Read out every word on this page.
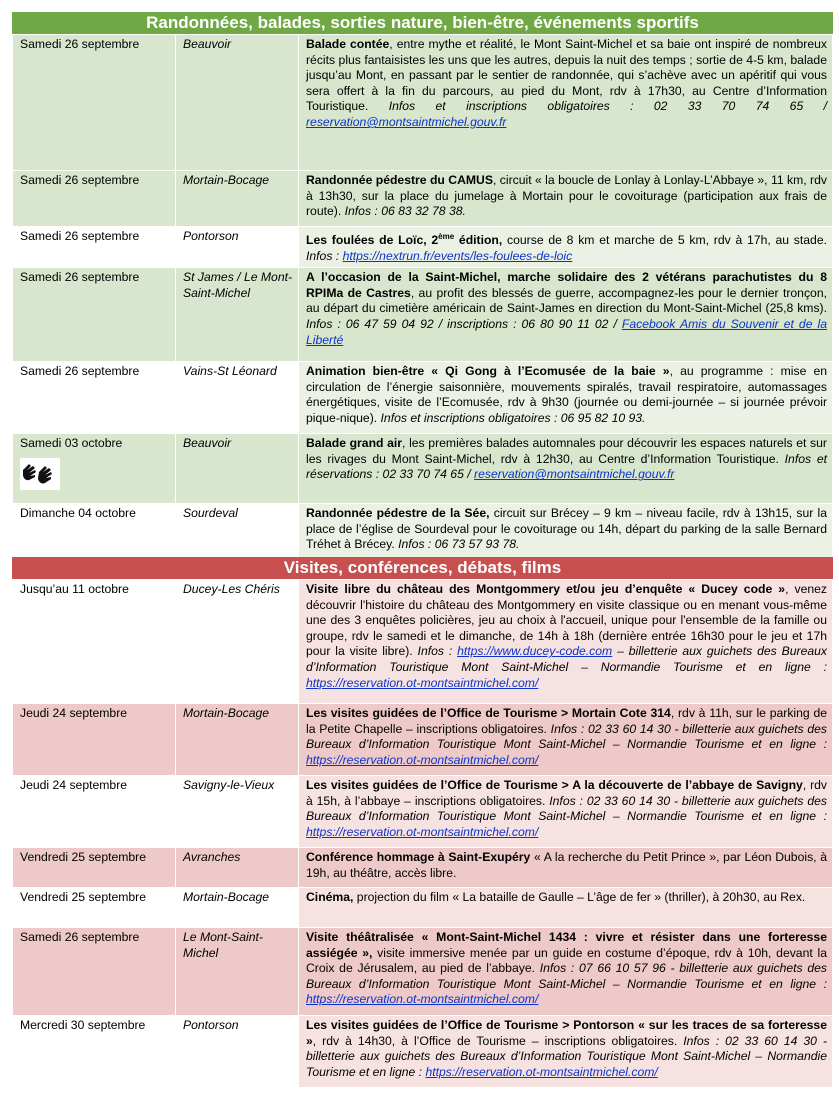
Randonnées, balades, sorties nature, bien-être, événements sportifs
Samedi 26 septembre	Beauvoir	Balade contée, entre mythe et réalité, le Mont Saint-Michel et sa baie ont inspiré de nombreux récits plus fantaisistes les uns que les autres, depuis la nuit des temps ; sortie de 4-5 km, balade jusqu’au Mont, en passant par le sentier de randonnée, qui s’achève avec un apéritif qui vous sera offert à la fin du parcours, au pied du Mont, rdv à 17h30, au Centre d’Information Touristique. Infos et inscriptions obligatoires : 02 33 70 74 65 / reservation@montsaintmichel.gouv.fr
Samedi 26 septembre	Mortain-Bocage	Randonnée pédestre du CAMUS, circuit « la boucle de Lonlay à Lonlay-L’Abbaye », 11 km, rdv à 13h30, sur la place du jumelage à Mortain pour le covoiturage (participation aux frais de route). Infos : 06 83 32 78 38.
Samedi 26 septembre	Pontorson	Les foulées de Loïc, 2ème édition, course de 8 km et marche de 5 km, rdv à 17h, au stade. Infos : https://nextrun.fr/events/les-foulees-de-loic
Samedi 26 septembre	St James / Le Mont-Saint-Michel	A l’occasion de la Saint-Michel, marche solidaire des 2 vétérans parachutistes du 8 RPIMa de Castres, au profit des blessés de guerre, accompagnez-les pour le dernier tronçon, au départ du cimetière américain de Saint-James en direction du Mont-Saint-Michel (25,8 kms). Infos : 06 47 59 04 92 / inscriptions : 06 80 90 11 02 / Facebook Amis du Souvenir et de la Liberté
Samedi 26 septembre	Vains-St Léonard	Animation bien-être « Qi Gong à l’Ecomusée de la baie », au programme : mise en circulation de l’énergie saisonnière, mouvements spiralés, travail respiratoire, automassages énergétiques, visite de l’Ecomusée, rdv à 9h30 (journée ou demi-journée – si journée prévoir pique-nique). Infos et inscriptions obligatoires : 06 95 82 10 93.
Samedi 03 octobre	Beauvoir	Balade grand air, les premières balades automnales pour découvrir les espaces naturels et sur les rivages du Mont Saint-Michel, rdv à 12h30, au Centre d’Information Touristique. Infos et réservations : 02 33 70 74 65 / reservation@montsaintmichel.gouv.fr
Dimanche 04 octobre	Sourdeval	Randonnée pédestre de la Sée, circuit sur Brécey – 9 km – niveau facile, rdv à 13h15, sur la place de l’église de Sourdeval pour le covoiturage ou 14h, départ du parking de la salle Bernard Tréhet à Brécey. Infos : 06 73 57 93 78.
Visites, conférences, débats, films
Jusqu’au 11 octobre	Ducey-Les Chéris	Visite libre du château des Montgommery et/ou jeu d’enquête « Ducey code », venez découvrir l'histoire du château des Montgommery en visite classique ou en menant vous-même une des 3 enquêtes policières, jeu au choix à l'accueil, unique pour l'ensemble de la famille ou groupe, rdv le samedi et le dimanche, de 14h à 18h (dernière entrée 16h30 pour le jeu et 17h pour la visite libre). Infos : https://www.ducey-code.com – billetterie aux guichets des Bureaux d’Information Touristique Mont Saint-Michel – Normandie Tourisme et en ligne : https://reservation.ot-montsaintmichel.com/
Jeudi 24 septembre	Mortain-Bocage	Les visites guidées de l’Office de Tourisme > Mortain Cote 314, rdv à 11h, sur le parking de la Petite Chapelle – inscriptions obligatoires. Infos : 02 33 60 14 30 - billetterie aux guichets des Bureaux d’Information Touristique Mont Saint-Michel – Normandie Tourisme et en ligne : https://reservation.ot-montsaintmichel.com/
Jeudi 24 septembre	Savigny-le-Vieux	Les visites guidées de l’Office de Tourisme > A la découverte de l’abbaye de Savigny, rdv à 15h, à l’abbaye – inscriptions obligatoires. Infos : 02 33 60 14 30 - billetterie aux guichets des Bureaux d’Information Touristique Mont Saint-Michel – Normandie Tourisme et en ligne : https://reservation.ot-montsaintmichel.com/
Vendredi 25 septembre	Avranches	Conférence hommage à Saint-Exupéry « A la recherche du Petit Prince », par Léon Dubois, à 19h, au théâtre, accès libre.
Vendredi 25 septembre	Mortain-Bocage	Cinéma, projection du film « La bataille de Gaulle – L’âge de fer » (thriller), à 20h30, au Rex.
Samedi 26 septembre	Le Mont-Saint-Michel	Visite théâtralisée « Mont-Saint-Michel 1434 : vivre et résister dans une forteresse assiégée », visite immersive menée par un guide en costume d’époque, rdv à 10h, devant la Croix de Jérusalem, au pied de l’abbaye. Infos : 07 66 10 57 96 - billetterie aux guichets des Bureaux d’Information Touristique Mont Saint-Michel – Normandie Tourisme et en ligne : https://reservation.ot-montsaintmichel.com/
Mercredi 30 septembre	Pontorson	Les visites guidées de l’Office de Tourisme > Pontorson « sur les traces de sa forteresse », rdv à 14h30, à l’Office de Tourisme – inscriptions obligatoires. Infos : 02 33 60 14 30 - billetterie aux guichets des Bureaux d’Information Touristique Mont Saint-Michel – Normandie Tourisme et en ligne : https://reservation.ot-montsaintmichel.com/
